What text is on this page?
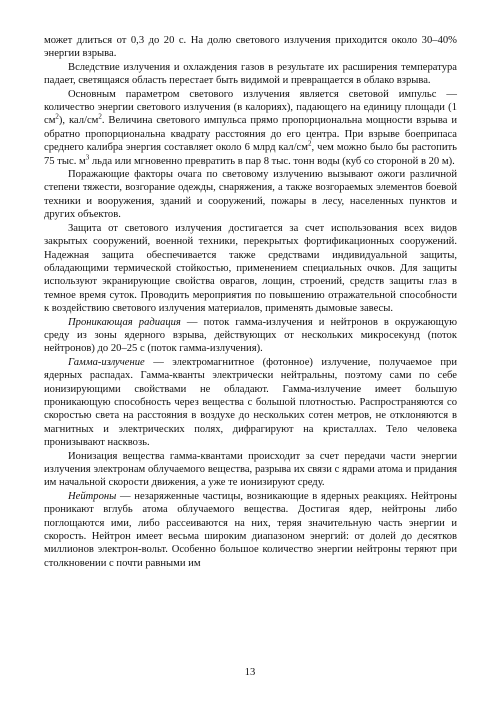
может длиться от 0,3 до 20 с. На долю светового излучения приходится около 30–40% энергии взрыва.

Вследствие излучения и охлаждения газов в результате их расширения температура падает, светящаяся область перестает быть видимой и превращается в облако взрыва.

Основным параметром светового излучения является световой импульс — количество энергии светового излучения (в калориях), падающего на единицу площади (1 $см^2$), кал/$см^2$. Величина светового импульса прямо пропорциональна мощности взрыва и обратно пропорциональна квадрату расстояния до его центра. При взрыве боеприпаса среднего калибра энергия составляет около 6 млрд кал/$см^2$, чем можно было бы растопить 75 тыс. $м^3$ льда или мгновенно превратить в пар 8 тыс. тонн воды (куб со стороной в 20 м).

Поражающие факторы очага по световому излучению вызывают ожоги различной степени тяжести, возгорание одежды, снаряжения, а также возгораемых элементов боевой техники и вооружения, зданий и сооружений, пожары в лесу, населенных пунктов и других объектов.

Защита от светового излучения достигается за счет использования всех видов закрытых сооружений, военной техники, перекрытых фортификационных сооружений. Надежная защита обеспечивается также средствами индивидуальной защиты, обладающими термической стойкостью, применением специальных очков. Для защиты используют экранирующие свойства оврагов, лощин, строений, средств защиты глаз в темное время суток. Проводить мероприятия по повышению отражательной способности к воздействию светового излучения материалов, применять дымовые завесы.

Проникающая радиация — поток гамма-излучения и нейтронов в окружающую среду из зоны ядерного взрыва, действующих от нескольких микросекунд (поток нейтронов) до 20–25 с (поток гамма-излучения).

Гамма-излучение — электромагнитное (фотонное) излучение, получаемое при ядерных распадах. Гамма-кванты электрически нейтральны, поэтому сами по себе ионизирующими свойствами не обладают. Гамма-излучение имеет большую проникающую способность через вещества с большой плотностью. Распространяются со скоростью света на расстояния в воздухе до нескольких сотен метров, не отклоняются в магнитных и электрических полях, дифрагируют на кристаллах. Тело человека пронизывают насквозь.

Ионизация вещества гамма-квантами происходит за счет передачи части энергии излучения электронам облучаемого вещества, разрыва их связи с ядрами атома и придания им начальной скорости движения, а уже те ионизируют среду.

Нейтроны — незаряженные частицы, возникающие в ядерных реакциях. Нейтроны проникают вглубь атома облучаемого вещества. Достигая ядер, нейтроны либо поглощаются ими, либо рассеиваются на них, теряя значительную часть энергии и скорость. Нейтрон имеет весьма широким диапазоном энергий: от долей до десятков миллионов электрон-вольт. Особенно большое количество энергии нейтроны теряют при столкновении с почти равными им

13
